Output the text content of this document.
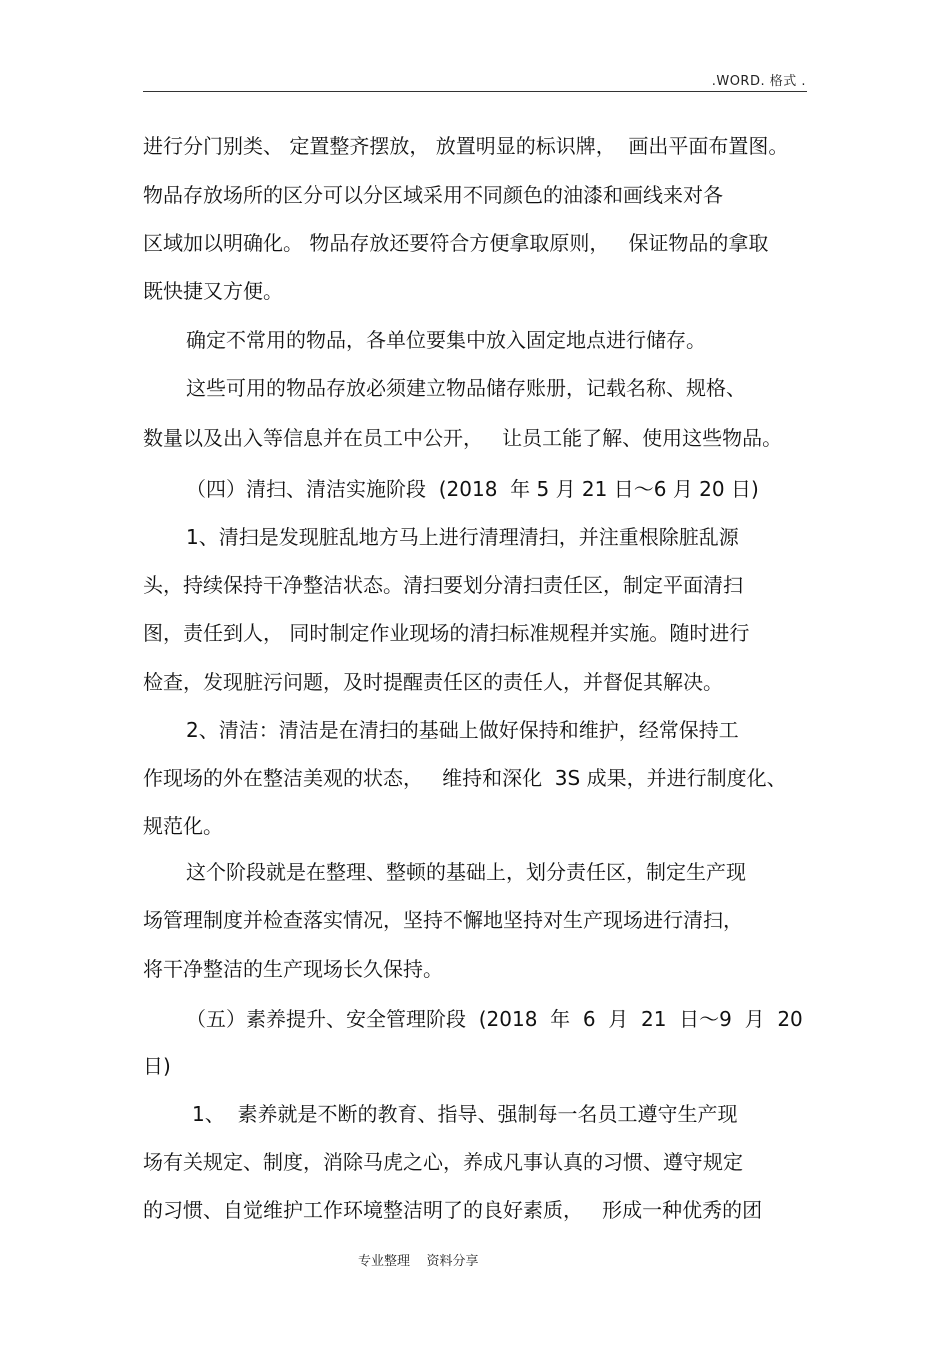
.WORD. 格式 .
进行分门别类、 定置整齐摆放， 放置明显的标识牌，  画出平面布置图。
物品存放场所的区分可以分区域采用不同颜色的油漆和画线来对各
区域加以明确化。 物品存放还要符合方便拿取原则，   保证物品的拿取
既快捷又方便。
确定不常用的物品，各单位要集中放入固定地点进行储存。
这些可用的物品存放必须建立物品储存账册，记载名称、规格、
数量以及出入等信息并在员工中公开，   让员工能了解、使用这些物品。
（四）清扫、清洁实施阶段  (2018  年 5 月 21 日～6 月 20 日)
1、清扫是发现脏乱地方马上进行清理清扫，并注重根除脏乱源
头，持续保持干净整洁状态。清扫要划分清扫责任区，制定平面清扫
图，责任到人， 同时制定作业现场的清扫标准规程并实施。随时进行
检查，发现脏污问题，及时提醒责任区的责任人，并督促其解决。
2、清洁：清洁是在清扫的基础上做好保持和维护，经常保持工
作现场的外在整洁美观的状态，   维持和深化  3S 成果，并进行制度化、
规范化。
这个阶段就是在整理、整顿的基础上，划分责任区，制定生产现
场管理制度并检查落实情况，坚持不懈地坚持对生产现场进行清扫，
将干净整洁的生产现场长久保持。
（五）素养提升、安全管理阶段  (2018  年  6  月  21  日～9  月  20
日)
1、  素养就是不断的教育、指导、强制每一名员工遵守生产现
场有关规定、制度，消除马虎之心，养成凡事认真的习惯、遵守规定
的习惯、自觉维护工作环境整洁明了的良好素质，   形成一种优秀的团
专业整理    资料分享
